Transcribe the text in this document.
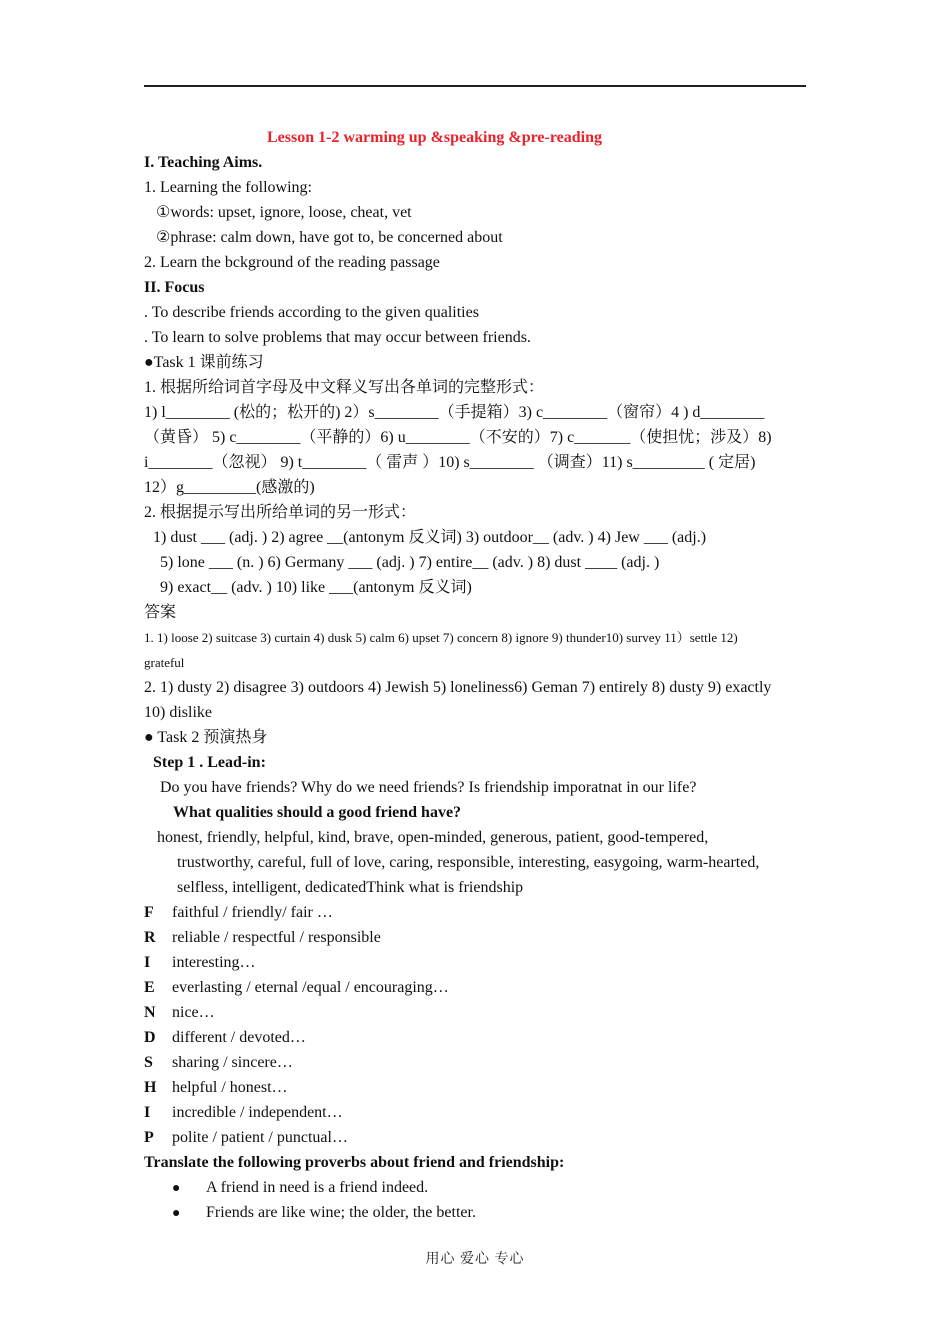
Lesson 1-2 warming up &speaking &pre-reading
I. Teaching Aims.
1. Learning the following:
①words: upset, ignore, loose, cheat, vet
②phrase: calm down, have got to, be concerned about
2. Learn the bckground of the reading passage
II. Focus
. To describe friends according to the given qualities
. To learn to solve problems that may occur between friends.
●Task 1 课前练习
1. 根据所给词首字母及中文释义写出各单词的完整形式：
1) l________ (松的；松开的) 2）s________（手提箱）3) c________（窗帘）4 ) d________
（黄昏） 5) c________（平静的）6) u________（不安的）7) c_______（使担忧；涉及）8)
i________（忽视） 9) t________（ 雷声 ）10) s________ （调查）11) s_________ ( 定居)
12）g_________(感激的)
2. 根据提示写出所给单词的另一形式：
1) dust ___ (adj. ) 2) agree __(antonym 反义词) 3) outdoor__ (adv. ) 4) Jew ___ (adj.)
5) lone ___ (n. ) 6) Germany ___ (adj. ) 7) entire__ (adv. ) 8) dust ____ (adj. )
9) exact__ (adv. ) 10) like ___(antonym 反义词)
答案
1. 1) loose 2) suitcase 3) curtain 4) dusk 5) calm 6) upset 7) concern 8) ignore 9) thunder10) survey 11）settle 12)
grateful
2. 1) dusty 2) disagree 3) outdoors 4) Jewish 5) loneliness6) Geman 7) entirely 8) dusty 9) exactly
10) dislike
● Task 2 预演热身
Step 1 . Lead-in:
Do you have friends? Why do we need friends? Is friendship imporatnat in our life?
What qualities should a good friend have?
honest, friendly, helpful, kind, brave, open-minded, generous, patient, good-tempered,
trustworthy, careful, full of love, caring, responsible, interesting, easygoing, warm-hearted,
selfless, intelligent, dedicatedThink what is friendship
F faithful / friendly/ fair …
R reliable / respectful / responsible
I interesting…
E everlasting / eternal /equal / encouraging…
N nice…
D different / devoted…
S sharing / sincere…
H helpful / honest…
I incredible / independent…
P polite / patient / punctual…
Translate the following proverbs about friend and friendship:
● A friend in need is a friend indeed.
● Friends are like wine; the older, the better.
用心 爱心 专心
